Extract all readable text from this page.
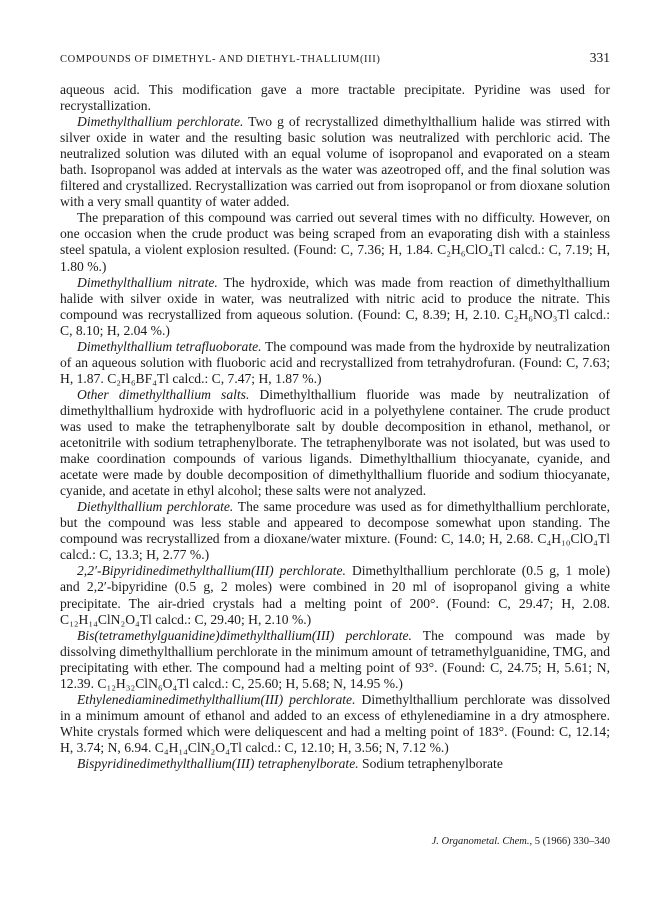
COMPOUNDS OF DIMETHYL- AND DIETHYL-THALLIUM(III)	331

aqueous acid. This modification gave a more tractable precipitate. Pyridine was used for recrystallization.

Dimethylthallium perchlorate. Two g of recrystallized dimethylthallium halide was stirred with silver oxide in water and the resulting basic solution was neutralized with perchloric acid. The neutralized solution was diluted with an equal volume of isopropanol and evaporated on a steam bath. Isopropanol was added at intervals as the water was azeotroped off, and the final solution was filtered and crystallized. Recrystallization was carried out from isopropanol or from dioxane solution with a very small quantity of water added.

The preparation of this compound was carried out several times with no difficulty. However, on one occasion when the crude product was being scraped from an evaporating dish with a stainless steel spatula, a violent explosion resulted. (Found: C, 7.36; H, 1.84. C₂H₆ClO₄Tl calcd.: C, 7.19; H, 1.80 %.)

Dimethylthallium nitrate. The hydroxide, which was made from reaction of dimethylthallium halide with silver oxide in water, was neutralized with nitric acid to produce the nitrate. This compound was recrystallized from aqueous solution. (Found: C, 8.39; H, 2.10. C₂H₆NO₃Tl calcd.: C, 8.10; H, 2.04 %.)

Dimethylthallium tetrafluoborate. The compound was made from the hydroxide by neutralization of an aqueous solution with fluoboric acid and recrystallized from tetrahydrofuran. (Found: C, 7.63; H, 1.87. C₂H₆BF₄Tl calcd.: C, 7.47; H, 1.87 %.)

Other dimethylthallium salts. Dimethylthallium fluoride was made by neutralization of dimethylthallium hydroxide with hydrofluoric acid in a polyethylene container. The crude product was used to make the tetraphenylborate salt by double decomposition in ethanol, methanol, or acetonitrile with sodium tetraphenylborate. The tetraphenylborate was not isolated, but was used to make coordination compounds of various ligands. Dimethylthallium thiocyanate, cyanide, and acetate were made by double decomposition of dimethylthallium fluoride and sodium thiocyanate, cyanide, and acetate in ethyl alcohol; these salts were not analyzed.

Diethylthallium perchlorate. The same procedure was used as for dimethylthallium perchlorate, but the compound was less stable and appeared to decompose somewhat upon standing. The compound was recrystallized from a dioxane/water mixture. (Found: C, 14.0; H, 2.68. C₄H₁₀ClO₄Tl calcd.: C, 13.3; H, 2.77 %.)

2,2′-Bipyridinedimethylthallium(III) perchlorate. Dimethylthallium perchlorate (0.5 g, 1 mole) and 2,2′-bipyridine (0.5 g, 2 moles) were combined in 20 ml of isopropanol giving a white precipitate. The air-dried crystals had a melting point of 200°. (Found: C, 29.47; H, 2.08. C₁₂H₁₄ClN₂O₄Tl calcd.: C, 29.40; H, 2.10 %.)

Bis(tetramethylguanidine)dimethylthallium(III) perchlorate. The compound was made by dissolving dimethylthallium perchlorate in the minimum amount of tetramethylguanidine, TMG, and precipitating with ether. The compound had a melting point of 93°. (Found: C, 24.75; H, 5.61; N, 12.39. C₁₂H₃₂ClN₆O₄Tl calcd.: C, 25.60; H, 5.68; N, 14.95 %.)

Ethylenediaminedimethylthallium(III) perchlorate. Dimethylthallium perchlorate was dissolved in a minimum amount of ethanol and added to an excess of ethylenediamine in a dry atmosphere. White crystals formed which were deliquescent and had a melting point of 183°. (Found: C, 12.14; H, 3.74; N, 6.94. C₄H₁₄ClN₂O₄Tl calcd.: C, 12.10; H, 3.56; N, 7.12 %.)

Bispyridinedimethylthallium(III) tetraphenylborate. Sodium tetraphenylborate

J. Organometal. Chem., 5 (1966) 330–340
